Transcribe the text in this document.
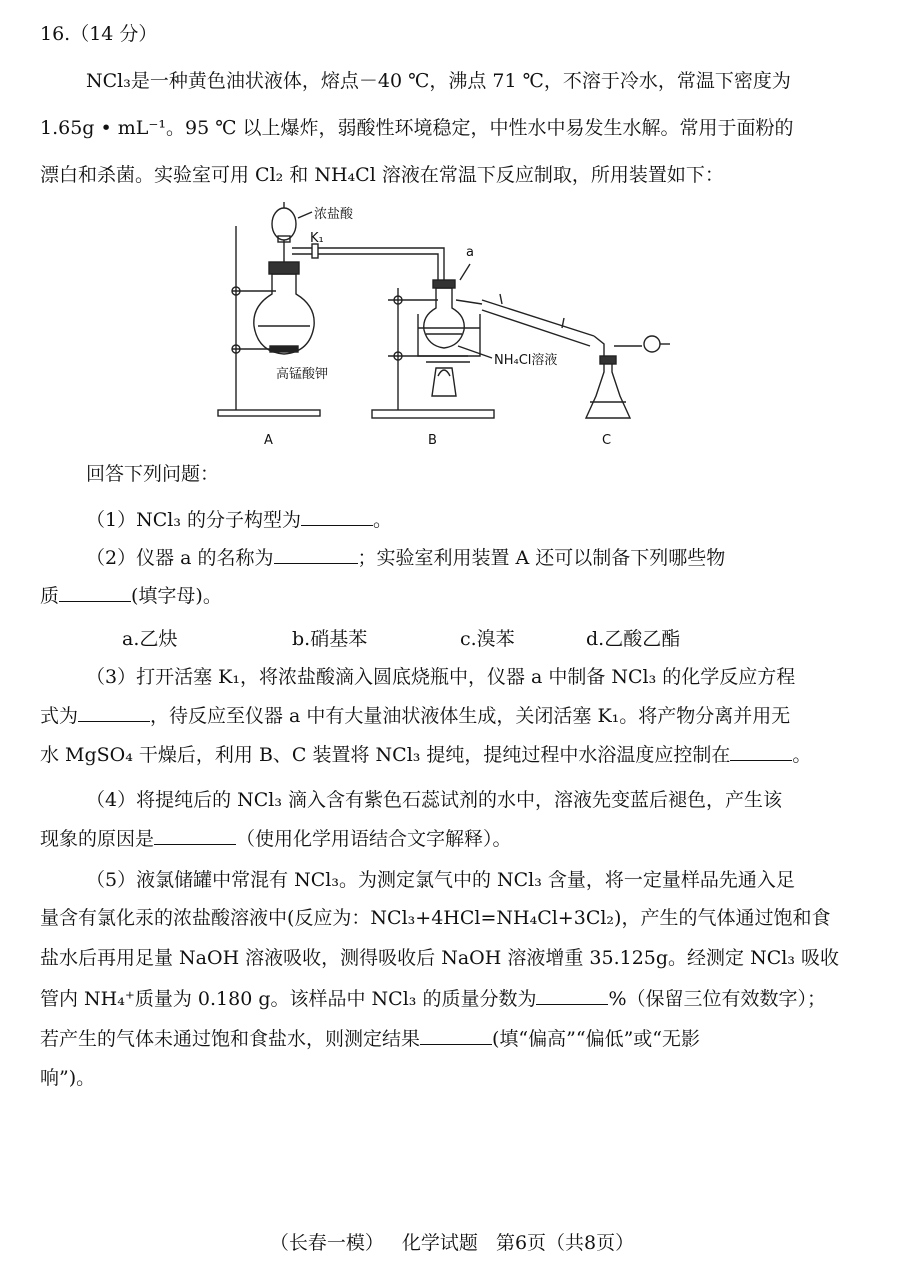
16.（14 分）
NCl₃是一种黄色油状液体，熔点－40 ℃，沸点 71 ℃，不溶于冷水，常温下密度为
1.65g • mL⁻¹。95 ℃ 以上爆炸，弱酸性环境稳定，中性水中易发生水解。常用于面粉的
漂白和杀菌。实验室可用 Cl₂ 和 NH₄Cl 溶液在常温下反应制取，所用装置如下：
浓盐酸
K₁
a
高锰酸钾
NH₄Cl溶液
A	B	C
回答下列问题：
（1）NCl₃ 的分子构型为	。
（2）仪器 a 的名称为	；实验室利用装置 A 还可以制备下列哪些物
质	(填字母)。
a.乙炔	b.硝基苯	c.溴苯	d.乙酸乙酯
（3）打开活塞 K₁，将浓盐酸滴入圆底烧瓶中，仪器 a 中制备 NCl₃ 的化学反应方程
式为	，待反应至仪器 a 中有大量油状液体生成，关闭活塞 K₁。将产物分离并用无
水 MgSO₄ 干燥后，利用 B、C 装置将 NCl₃ 提纯，提纯过程中水浴温度应控制在	。
（4）将提纯后的 NCl₃ 滴入含有紫色石蕊试剂的水中，溶液先变蓝后褪色，产生该
现象的原因是	（使用化学用语结合文字解释）。
（5）液氯储罐中常混有 NCl₃。为测定氯气中的 NCl₃ 含量，将一定量样品先通入足
量含有氯化汞的浓盐酸溶液中(反应为：NCl₃+4HCl=NH₄Cl+3Cl₂)，产生的气体通过饱和食
盐水后再用足量 NaOH 溶液吸收，测得吸收后 NaOH 溶液增重 35.125g。经测定 NCl₃ 吸收
管内 NH₄⁺质量为 0.180 g。该样品中 NCl₃ 的质量分数为	%（保留三位有效数字）；
若产生的气体未通过饱和食盐水，则测定结果	(填“偏高”“偏低”或“无影
响”)。
（长春一模） 化学试题 第6页（共8页）
